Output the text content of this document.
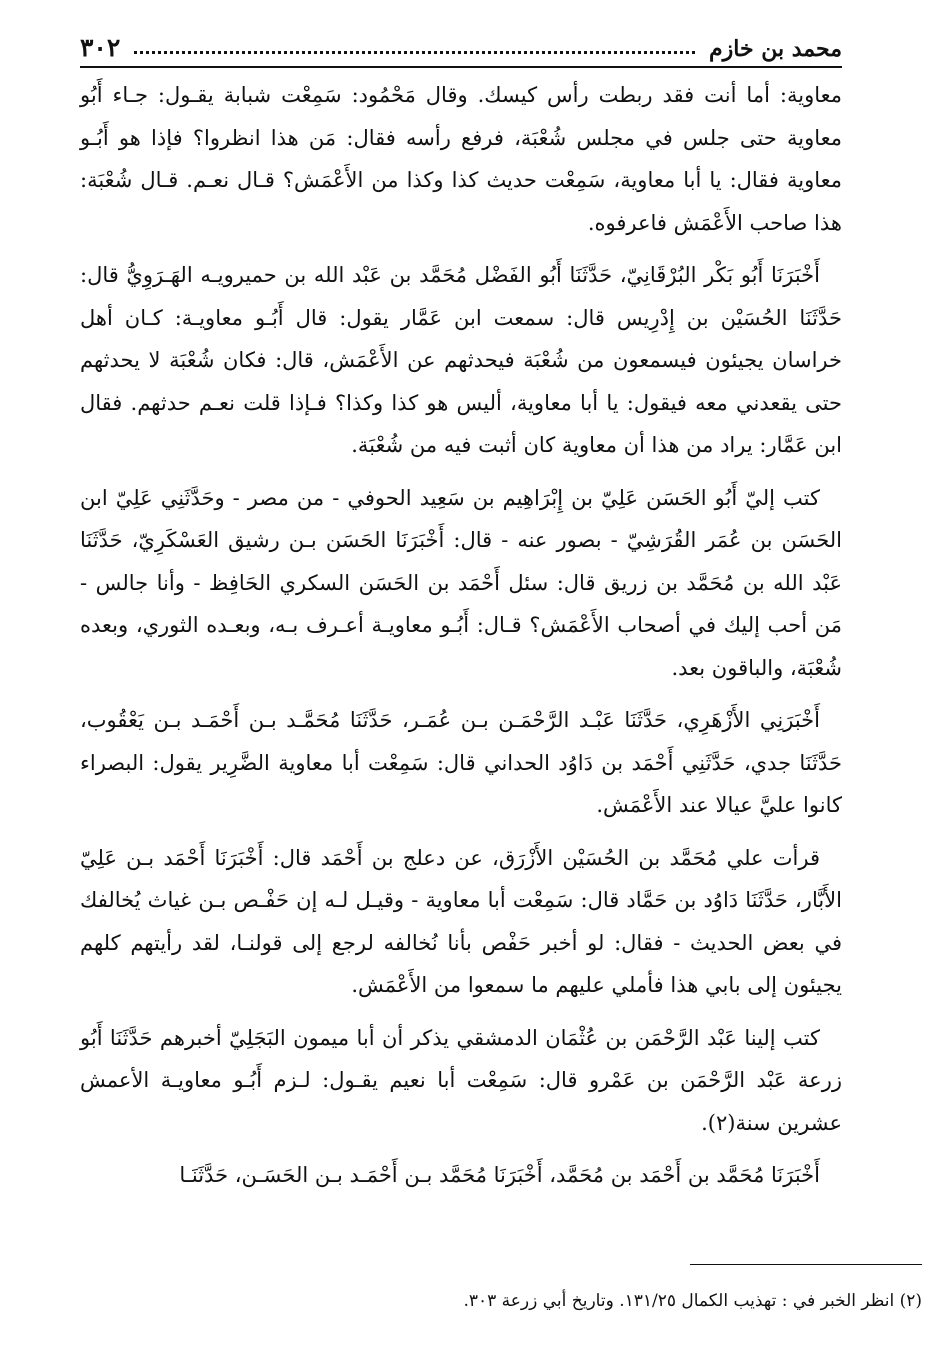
محمد بن خازم
٣٠٢

معاوية: أما أنت فقد ربطت رأس كيسك. وقال مَحْمُود: سَمِعْت شبابة يقـول: جـاء أَبُو معاوية حتى جلس في مجلس شُعْبَة، فرفع رأسه فقال: مَن هذا انظروا؟ فإذا هو أَبُـو معاوية فقال: يا أبا معاوية، سَمِعْت حديث كذا وكذا من الأَعْمَش؟ قـال نعـم. قـال شُعْبَة: هذا صاحب الأَعْمَش فاعرفوه.

أَخْبَرَنَا أَبُو بَكْر البُرْقَانِيّ، حَدَّثَنَا أَبُو الفَضْل مُحَمَّد بن عَبْد الله بن حميرويـه الهَـرَوِيُّ قال: حَدَّثَنَا الحُسَيْن بن إِدْرِيس قال: سمعت ابن عَمَّار يقول: قال أَبُـو معاويـة: كـان أهل خراسان يجيئون فيسمعون من شُعْبَة فيحدثهم عن الأَعْمَش، قال: فكان شُعْبَة لا يحدثهم حتى يقعدني معه فيقول: يا أبا معاوية، أليس هو كذا وكذا؟ فـإذا قلت نعـم حدثهم. فقال ابن عَمَّار: يراد من هذا أن معاوية كان أثبت فيه من شُعْبَة.

كتب إليّ أَبُو الحَسَن عَلِيّ بن إِبْرَاهِيم بن سَعِيد الحوفي - من مصر - وحَدَّثَنِي عَلِيّ ابن الحَسَن بن عُمَر القُرَشِيّ - بصور عنه - قال: أَخْبَرَنَا الحَسَن بـن رشيق العَسْكَرِيّ، حَدَّثَنَا عَبْد الله بن مُحَمَّد بن زريق قال: سئل أَحْمَد بن الحَسَن السكري الحَافِظ - وأنا جالس - مَن أحب إليك في أصحاب الأَعْمَش؟ قـال: أَبُـو معاويـة أعـرف بـه، وبعـده الثوري، وبعده شُعْبَة، والباقون بعد.

أَخْبَرَنِي الأَزْهَرِي، حَدَّثَنَا عَبْـد الرَّحْمَـن بـن عُمَـر، حَدَّثَنَا مُحَمَّـد بـن أَحْمَـد بـن يَعْقُوب، حَدَّثَنَا جدي، حَدَّثَنِي أَحْمَد بن دَاوُد الحداني قال: سَمِعْت أبا معاوية الضَّرِير يقول: البصراء كانوا عليَّ عيالا عند الأَعْمَش.

قرأت علي مُحَمَّد بن الحُسَيْن الأَزْرَق، عن دعلج بن أَحْمَد قال: أَخْبَرَنَا أَحْمَد بـن عَلِيّ الأَبَّار، حَدَّثَنَا دَاوُد بن حَمَّاد قال: سَمِعْت أبا معاوية - وقيـل لـه إن حَفْـص بـن غياث يُخالفك في بعض الحديث - فقال: لو أخبر حَفْص بأنا نُخالفه لرجع إلى قولنـا، لقد رأيتهم كلهم يجيئون إلى بابي هذا فأملي عليهم ما سمعوا من الأَعْمَش.

كتب إلينا عَبْد الرَّحْمَن بن عُثْمَان الدمشقي يذكر أن أبا ميمون البَجَلِيّ أخبرهم حَدَّثَنَا أَبُو زرعة عَبْد الرَّحْمَن بن عَمْرو قال: سَمِعْت أبا نعيم يقـول: لـزم أَبُـو معاويـة الأعمش عشرين سنة(٢).

أَخْبَرَنَا مُحَمَّد بن أَحْمَد بن مُحَمَّد، أَخْبَرَنَا مُحَمَّد بـن أَحْمَـد بـن الحَسَـن، حَدَّثَنَـا

(٢) انظر الخبر في : تهذيب الكمال ١٣١/٢٥. وتاريخ أبي زرعة ٣٠٣.
